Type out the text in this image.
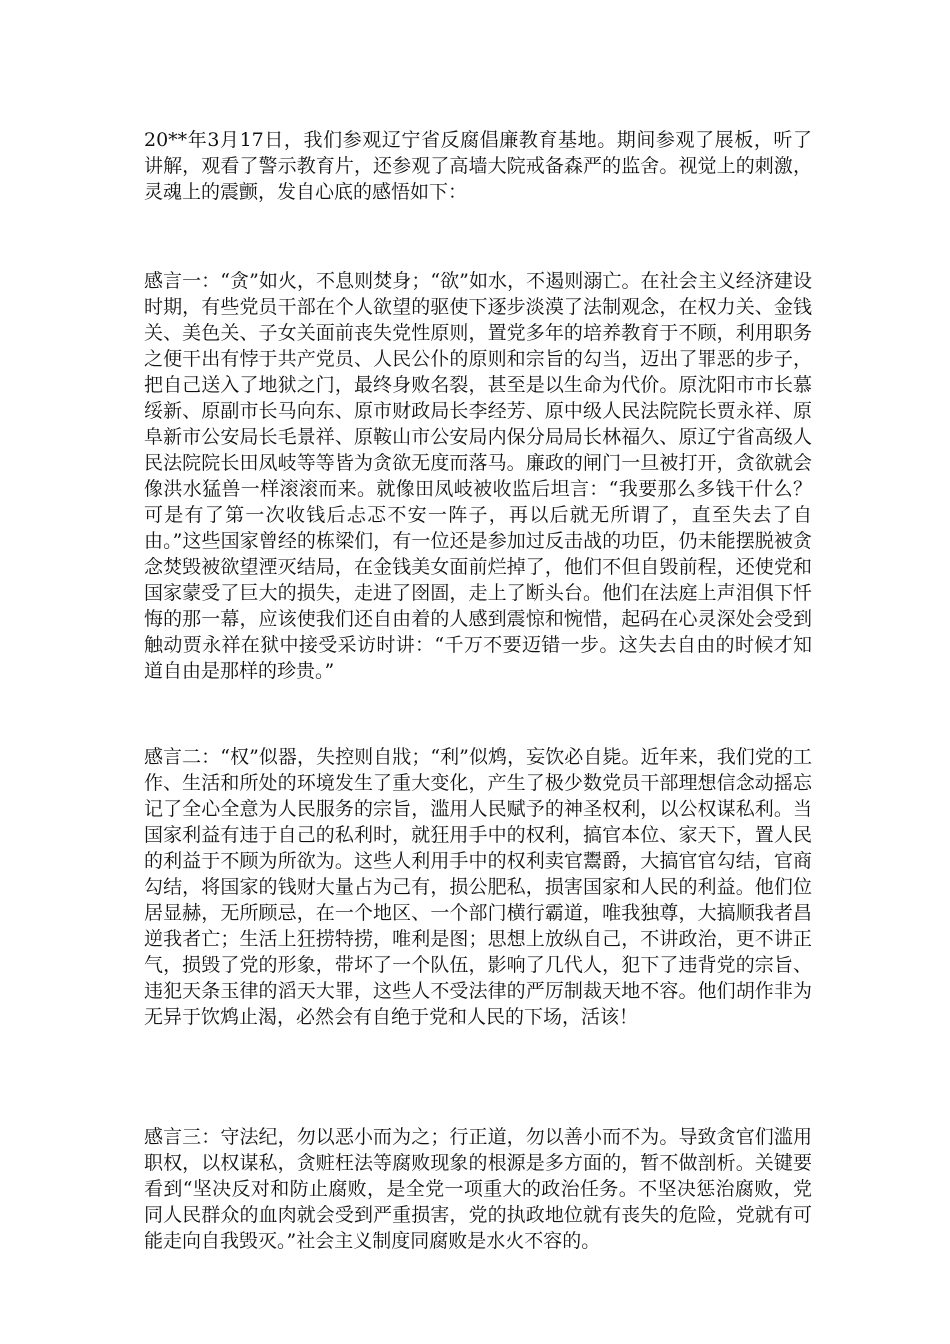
20**年3月17日，我们参观辽宁省反腐倡廉教育基地。期间参观了展板，听了讲解，观看了警示教育片，还参观了高墙大院戒备森严的监舍。视觉上的刺激，灵魂上的震颤，发自心底的感悟如下：

感言一：“贪”如火，不息则焚身；“欲”如水，不遏则溺亡。在社会主义经济建设时期，有些党员干部在个人欲望的驱使下逐步淡漠了法制观念，在权力关、金钱关、美色关、子女关面前丧失党性原则，置党多年的培养教育于不顾，利用职务之便干出有悖于共产党员、人民公仆的原则和宗旨的勾当，迈出了罪恶的步子，把自己送入了地狱之门，最终身败名裂，甚至是以生命为代价。原沈阳市市长慕绥新、原副市长马向东、原市财政局长李经芳、原中级人民法院院长贾永祥、原阜新市公安局长毛景祥、原鞍山市公安局内保分局局长林福久、原辽宁省高级人民法院院长田凤岐等等皆为贪欲无度而落马。廉政的闸门一旦被打开，贪欲就会像洪水猛兽一样滚滚而来。就像田凤岐被收监后坦言：“我要那么多钱干什么？可是有了第一次收钱后忐忑不安一阵子，再以后就无所谓了，直至失去了自由。”这些国家曾经的栋梁们，有一位还是参加过反击战的功臣，仍未能摆脱被贪念焚毁被欲望湮灭结局，在金钱美女面前烂掉了，他们不但自毁前程，还使党和国家蒙受了巨大的损失，走进了囹圄，走上了断头台。他们在法庭上声泪俱下忏悔的那一幕，应该使我们还自由着的人感到震惊和惋惜，起码在心灵深处会受到触动贾永祥在狱中接受采访时讲：“千万不要迈错一步。这失去自由的时候才知道自由是那样的珍贵。”

感言二：“权”似器，失控则自戕；“利”似鸩，妄饮必自毙。近年来，我们党的工作、生活和所处的环境发生了重大变化，产生了极少数党员干部理想信念动摇忘记了全心全意为人民服务的宗旨，滥用人民赋予的神圣权利，以公权谋私利。当国家利益有违于自己的私利时，就狂用手中的权利，搞官本位、家天下，置人民的利益于不顾为所欲为。这些人利用手中的权利卖官鬻爵，大搞官官勾结，官商勾结，将国家的钱财大量占为己有，损公肥私，损害国家和人民的利益。他们位居显赫，无所顾忌，在一个地区、一个部门横行霸道，唯我独尊，大搞顺我者昌逆我者亡；生活上狂捞特捞，唯利是图；思想上放纵自己，不讲政治，更不讲正气，损毁了党的形象，带坏了一个队伍，影响了几代人，犯下了违背党的宗旨、违犯天条玉律的滔天大罪，这些人不受法律的严厉制裁天地不容。他们胡作非为无异于饮鸩止渴，必然会有自绝于党和人民的下场，活该！

感言三：守法纪，勿以恶小而为之；行正道，勿以善小而不为。导致贪官们滥用职权，以权谋私，贪赃枉法等腐败现象的根源是多方面的，暂不做剖析。关键要看到“坚决反对和防止腐败，是全党一项重大的政治任务。不坚决惩治腐败，党同人民群众的血肉就会受到严重损害，党的执政地位就有丧失的危险，党就有可能走向自我毁灭。”社会主义制度同腐败是水火不容的。
